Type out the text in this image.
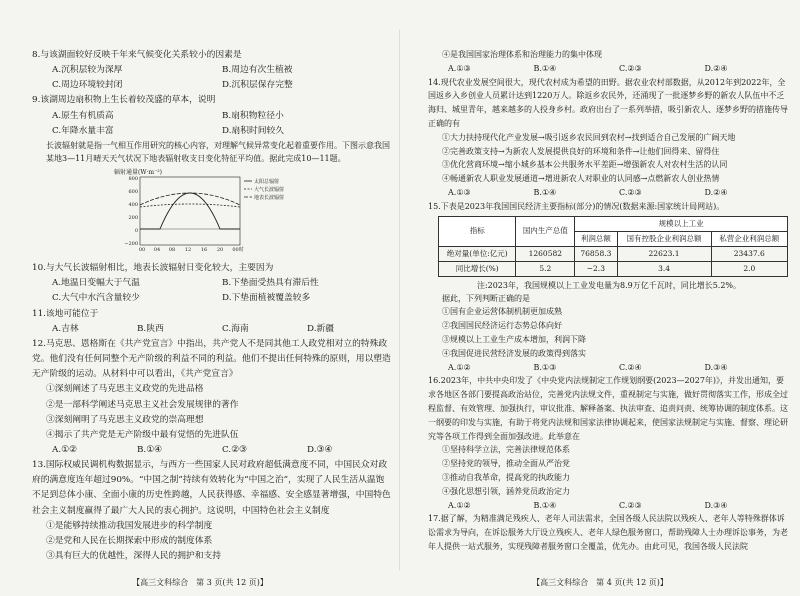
8.与该湖面较好反映千年来气候变化关系较小的因素是

A.沉积层较为深厚	B.周边有次生植被
C.周边环境较封闭	D.沉积层保存完整

9.该湖周边扇积物上生长着较茂盛的草本，说明

A.原生有机质高	B.扇积物粒径小
C.年降水量丰富	D.扇积时间较久

长波辐射就是指一气相互作用研究的核心内容，对理解气候异常变化起着重要作用。下图示意我国某地3—11月晴天天气状况下地表辐射收支日变化特征平均值。据此完成10—11题。

辐射通量(W·m⁻²)
800
600
400
200
0
−200
00 04 08 12 16 20 00时
太阳总辐射
大气长波辐射
地表长波辐射

10.与大气长波辐射相比，地表长波辐射日变化较大，主要因为

A.地温日变幅大于气温	B.下垫面受热具有滞后性
C.大气中水汽含量较少	D.下垫面植被覆盖较多

11.该地可能位于

A.吉林	B.陕西	C.海南	D.新疆

12.马克思、恩格斯在《共产党宣言》中指出，共产党人不是同其他工人政党相对立的特殊政党。他们没有任何同整个无产阶级的利益不同的利益。他们不提出任何特殊的原则，用以塑造无产阶级的运动。从材料中可以看出，《共产党宣言》

①深刻阐述了马克思主义政党的先进品格

②是一部科学阐述马克思主义社会发展规律的著作

③深刻阐明了马克思主义政党的崇高理想

④揭示了共产党是无产阶级中最有觉悟的先进队伍

A.①②	B.①④	C.②③	D.③④

13.国际权威民调机构数据显示，与西方一些国家人民对政府超低满意度不同，中国民众对政府的满意度连年超过90%。“中国之制”持续有效转化为“中国之治”，实现了人民生活从温饱不足到总体小康、全面小康的历史性跨越，人民获得感、幸福感、安全感显著增强，中国特色社会主义制度赢得了最广大人民的衷心拥护。这说明，中国特色社会主义制度

①是能够持续推动我国发展进步的科学制度

②是党和人民在长期探索中形成的制度体系

③具有巨大的优越性，深得人民的拥护和支持

【高三文科综合　第 3 页(共 12 页)】

④是我国国家治理体系和治理能力的集中体现

A.①③	B.①④	C.②③	D.②④

14.现代农业发展空间很大，现代农村成为希望的田野。据农业农村部数据，从2012年到2022年，全国返乡入乡创业人员累计达到1220万人。除返乡农民外，还涌现了一批逐梦乡野的新农人队伍中不乏海归、城里青年，越来越多的人投身乡村。政府出台了一系列举措，吸引新农人、逐梦乡野的措施传导正确的有

①大力扶持现代化产业发展→吸引返乡农民回到农村→找到适合自己发展的广阔天地

②完善政策支持→为新农人发展提供良好的环境和条件→让他们回得来、留得住

③优化营商环境→缩小城乡基本公共服务水平差距→增强新农人对农村生活的认同

④畅通新农人职业发展通道→增进新农人对职业的认同感→点燃新农人创业热情

A.①③	B.①④	C.②③	D.②④

15.下表是2023年我国国民经济主要指标(部分)的情况(数据来源:国家统计局网站)。

指标	国内生产总值	规模以上工业		
		利润总额	国有控股企业利润总额	私营企业利润总额
绝对量(单位:亿元)	1260582	76858.3	22623.1	23437.6
同比增长(%)	5.2	−2.3	3.4	2.0

注:2023年，我国规模以上工业发电量为8.9万亿千瓦时，同比增长5.2%。

据此，下列判断正确的是

①国有企业运营体制机制更加成熟

②我国国民经济运行态势总体向好

③规模以上工业生产成本增加，利润下降

④我国促进民营经济发展的政策得到落实

A.①②	B.①③	C.②④	D.③④

16.2023年，中共中央印发了《中央党内法规制定工作规划纲要(2023—2027年)》，并发出通知，要求各地区各部门要提高政治站位，完善党内法规文件，重视制定与实施，做好贯彻落实工作，形成全过程监督、有效管理、加强执行，审议批准、解释备案、执法审查、追责问责、统筹协调的制度体系。这一纲要的印发与实施，有助于将党内法规和国家法律协调起来，使国家法规制定与实施、督察、理论研究等各项工作得到全面加强改进。此举意在

①坚持科学立法，完善法律规范体系

②坚持党的领导，推动全面从严治党

③推动自我革命，提高党的执政能力

④强化思想引领，涵养党员政治定力

A.①②	B.①④	C.②③	D.③④

17.据了解，为精准满足残疾人、老年人司法需求，全国各级人民法院以残疾人、老年人等特殊群体诉讼需求为导向，在诉讼服务大厅设立残疾人、老年人绿色服务窗口，帮助残障人士办理诉讼事务，为老年人提供一站式服务，实现残障者服务窗口全覆盖，优先办。由此可见，我国各级人民法院

【高三文科综合　第 4 页(共 12 页)】
